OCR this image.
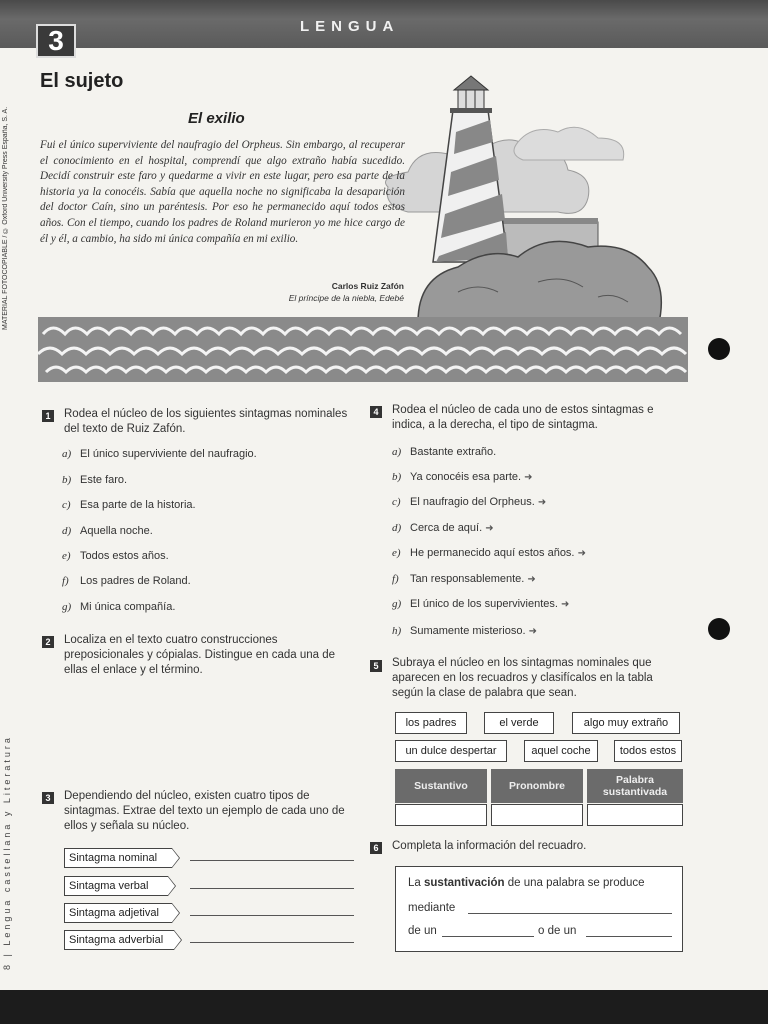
LENGUA
3
MATERIAL FOTOCOPIABLE / © Oxford University Press España, S. A.
8 | Lengua castellana y Literatura
El sujeto
El exilio
Fui el único superviviente del naufragio del Orpheus. Sin embargo, al recuperar el conocimiento en el hospital, comprendí que algo extraño había sucedido. Decidí construir este faro y quedarme a vivir en este lugar, pero esa parte de la historia ya la conocéis. Sabía que aquella noche no significaba la desaparición del doctor Caín, sino un paréntesis. Por eso he permanecido aquí todos estos años. Con el tiempo, cuando los padres de Roland murieron yo me hice cargo de él y él, a cambio, ha sido mi única compañía en mi exilio.
Carlos Ruiz Zafón
El príncipe de la niebla, Edebé
1	Rodea el núcleo de los siguientes sintagmas nominales del texto de Ruiz Zafón.
a) El único superviviente del naufragio.
b) Este faro.
c) Esa parte de la historia.
d) Aquella noche.
e) Todos estos años.
f) Los padres de Roland.
g) Mi única compañía.
2	Localiza en el texto cuatro construcciones preposicionales y cópialas. Distingue en cada una de ellas el enlace y el término.
3	Dependiendo del núcleo, existen cuatro tipos de sintagmas. Extrae del texto un ejemplo de cada uno de ellos y señala su núcleo.
Sintagma nominal
Sintagma verbal
Sintagma adjetival
Sintagma adverbial
4	Rodea el núcleo de cada uno de estos sintagmas e indica, a la derecha, el tipo de sintagma.
a) Bastante extraño.
b) Ya conocéis esa parte. ➜
c) El naufragio del Orpheus. ➜
d) Cerca de aquí. ➜
e) He permanecido aquí estos años. ➜
f) Tan responsablemente. ➜
g) El único de los supervivientes. ➜
h) Sumamente misterioso. ➜
5	Subraya el núcleo en los sintagmas nominales que aparecen en los recuadros y clasifícalos en la tabla según la clase de palabra que sean.
los padres	el verde	algo muy extraño
un dulce despertar	aquel coche	todos estos
Sustantivo	Pronombre	Palabra sustantivada
6	Completa la información del recuadro.
La sustantivación de una palabra se produce
mediante
de un	o de un
